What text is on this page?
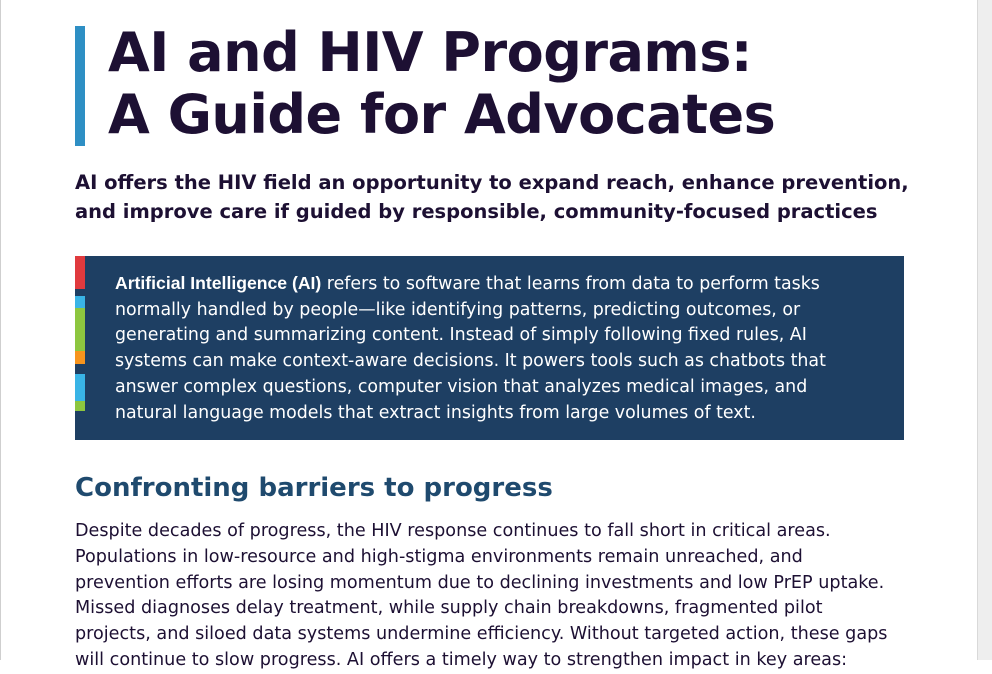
AI and HIV Programs:
A Guide for Advocates

AI offers the HIV field an opportunity to expand reach, enhance prevention,
and improve care if guided by responsible, community-focused practices

Artificial Intelligence (AI) refers to software that learns from data to perform tasks
normally handled by people—like identifying patterns, predicting outcomes, or
generating and summarizing content. Instead of simply following fixed rules, AI
systems can make context-aware decisions. It powers tools such as chatbots that
answer complex questions, computer vision that analyzes medical images, and
natural language models that extract insights from large volumes of text.

Confronting barriers to progress

Despite decades of progress, the HIV response continues to fall short in critical areas.
Populations in low-resource and high-stigma environments remain unreached, and
prevention efforts are losing momentum due to declining investments and low PrEP uptake.
Missed diagnoses delay treatment, while supply chain breakdowns, fragmented pilot
projects, and siloed data systems undermine efficiency. Without targeted action, these gaps
will continue to slow progress. AI offers a timely way to strengthen impact in key areas:
